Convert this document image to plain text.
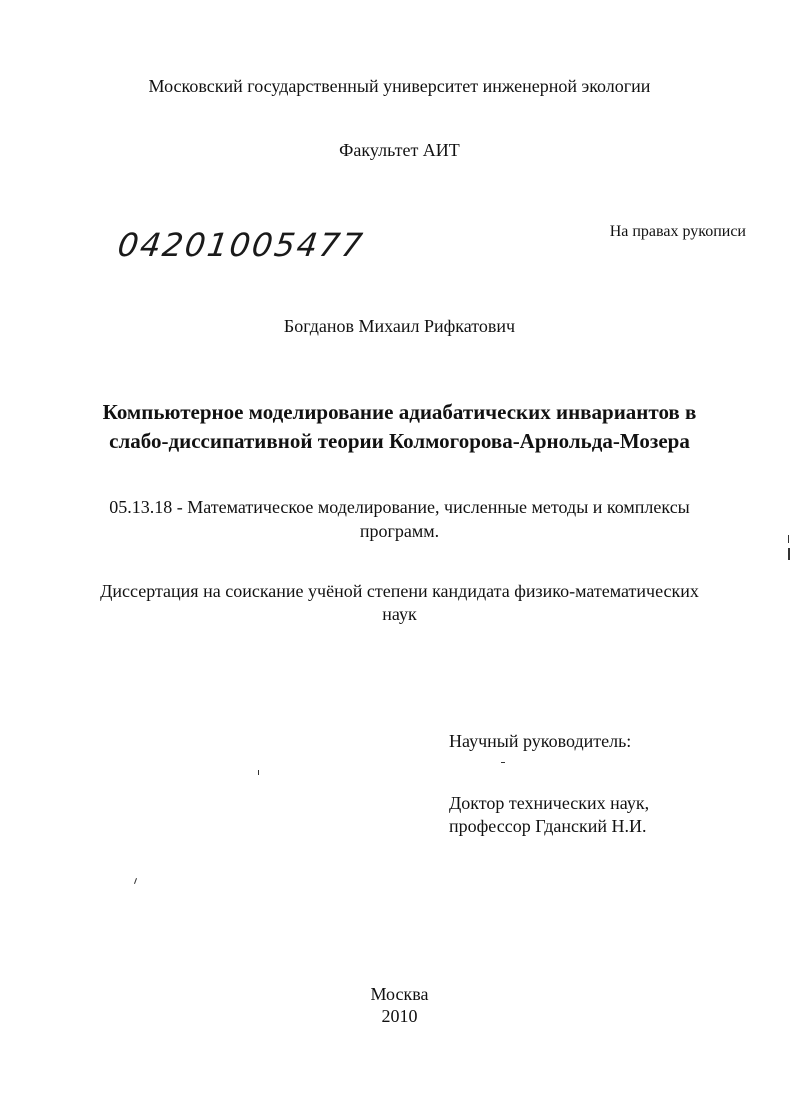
Московский государственный университет инженерной экологии
Факультет АИТ
04201005477	На правах рукописи
Богданов Михаил Рифкатович
Компьютерное моделирование адиабатических инвариантов в
слабо-диссипативной теории Колмогорова-Арнольда-Мозера
05.13.18 - Математическое моделирование, численные методы и комплексы
программ.
Диссертация на соискание учёной степени кандидата физико-математических
наук
Научный руководитель:
Доктор технических наук,
профессор Гданский Н.И.
Москва
2010
